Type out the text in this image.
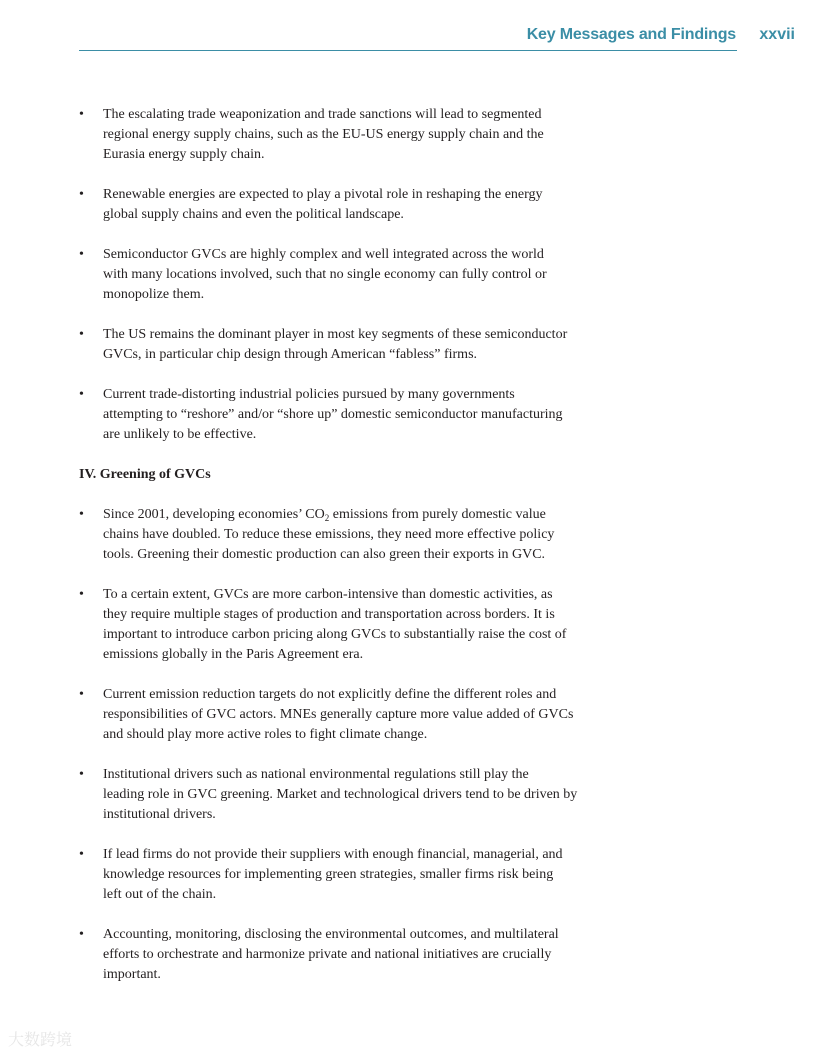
Key Messages and Findings xxvii
• The escalating trade weaponization and trade sanctions will lead to segmented
regional energy supply chains, such as the EU-US energy supply chain and the
Eurasia energy supply chain.
• Renewable energies are expected to play a pivotal role in reshaping the energy
global supply chains and even the political landscape.
• Semiconductor GVCs are highly complex and well integrated across the world
with many locations involved, such that no single economy can fully control or
monopolize them.
• The US remains the dominant player in most key segments of these semiconductor
GVCs, in particular chip design through American “fabless” firms.
• Current trade-distorting industrial policies pursued by many governments
attempting to “reshore” and/or “shore up” domestic semiconductor manufacturing
are unlikely to be effective.
IV. Greening of GVCs
• Since 2001, developing economies’ $CO_2$ emissions from purely domestic value
chains have doubled. To reduce these emissions, they need more effective policy
tools. Greening their domestic production can also green their exports in GVC.
• To a certain extent, GVCs are more carbon-intensive than domestic activities, as
they require multiple stages of production and transportation across borders. It is
important to introduce carbon pricing along GVCs to substantially raise the cost of
emissions globally in the Paris Agreement era.
• Current emission reduction targets do not explicitly define the different roles and
responsibilities of GVC actors. MNEs generally capture more value added of GVCs
and should play more active roles to fight climate change.
• Institutional drivers such as national environmental regulations still play the
leading role in GVC greening. Market and technological drivers tend to be driven by
institutional drivers.
• If lead firms do not provide their suppliers with enough financial, managerial, and
knowledge resources for implementing green strategies, smaller firms risk being
left out of the chain.
• Accounting, monitoring, disclosing the environmental outcomes, and multilateral
efforts to orchestrate and harmonize private and national initiatives are crucially
important.
大数跨境
